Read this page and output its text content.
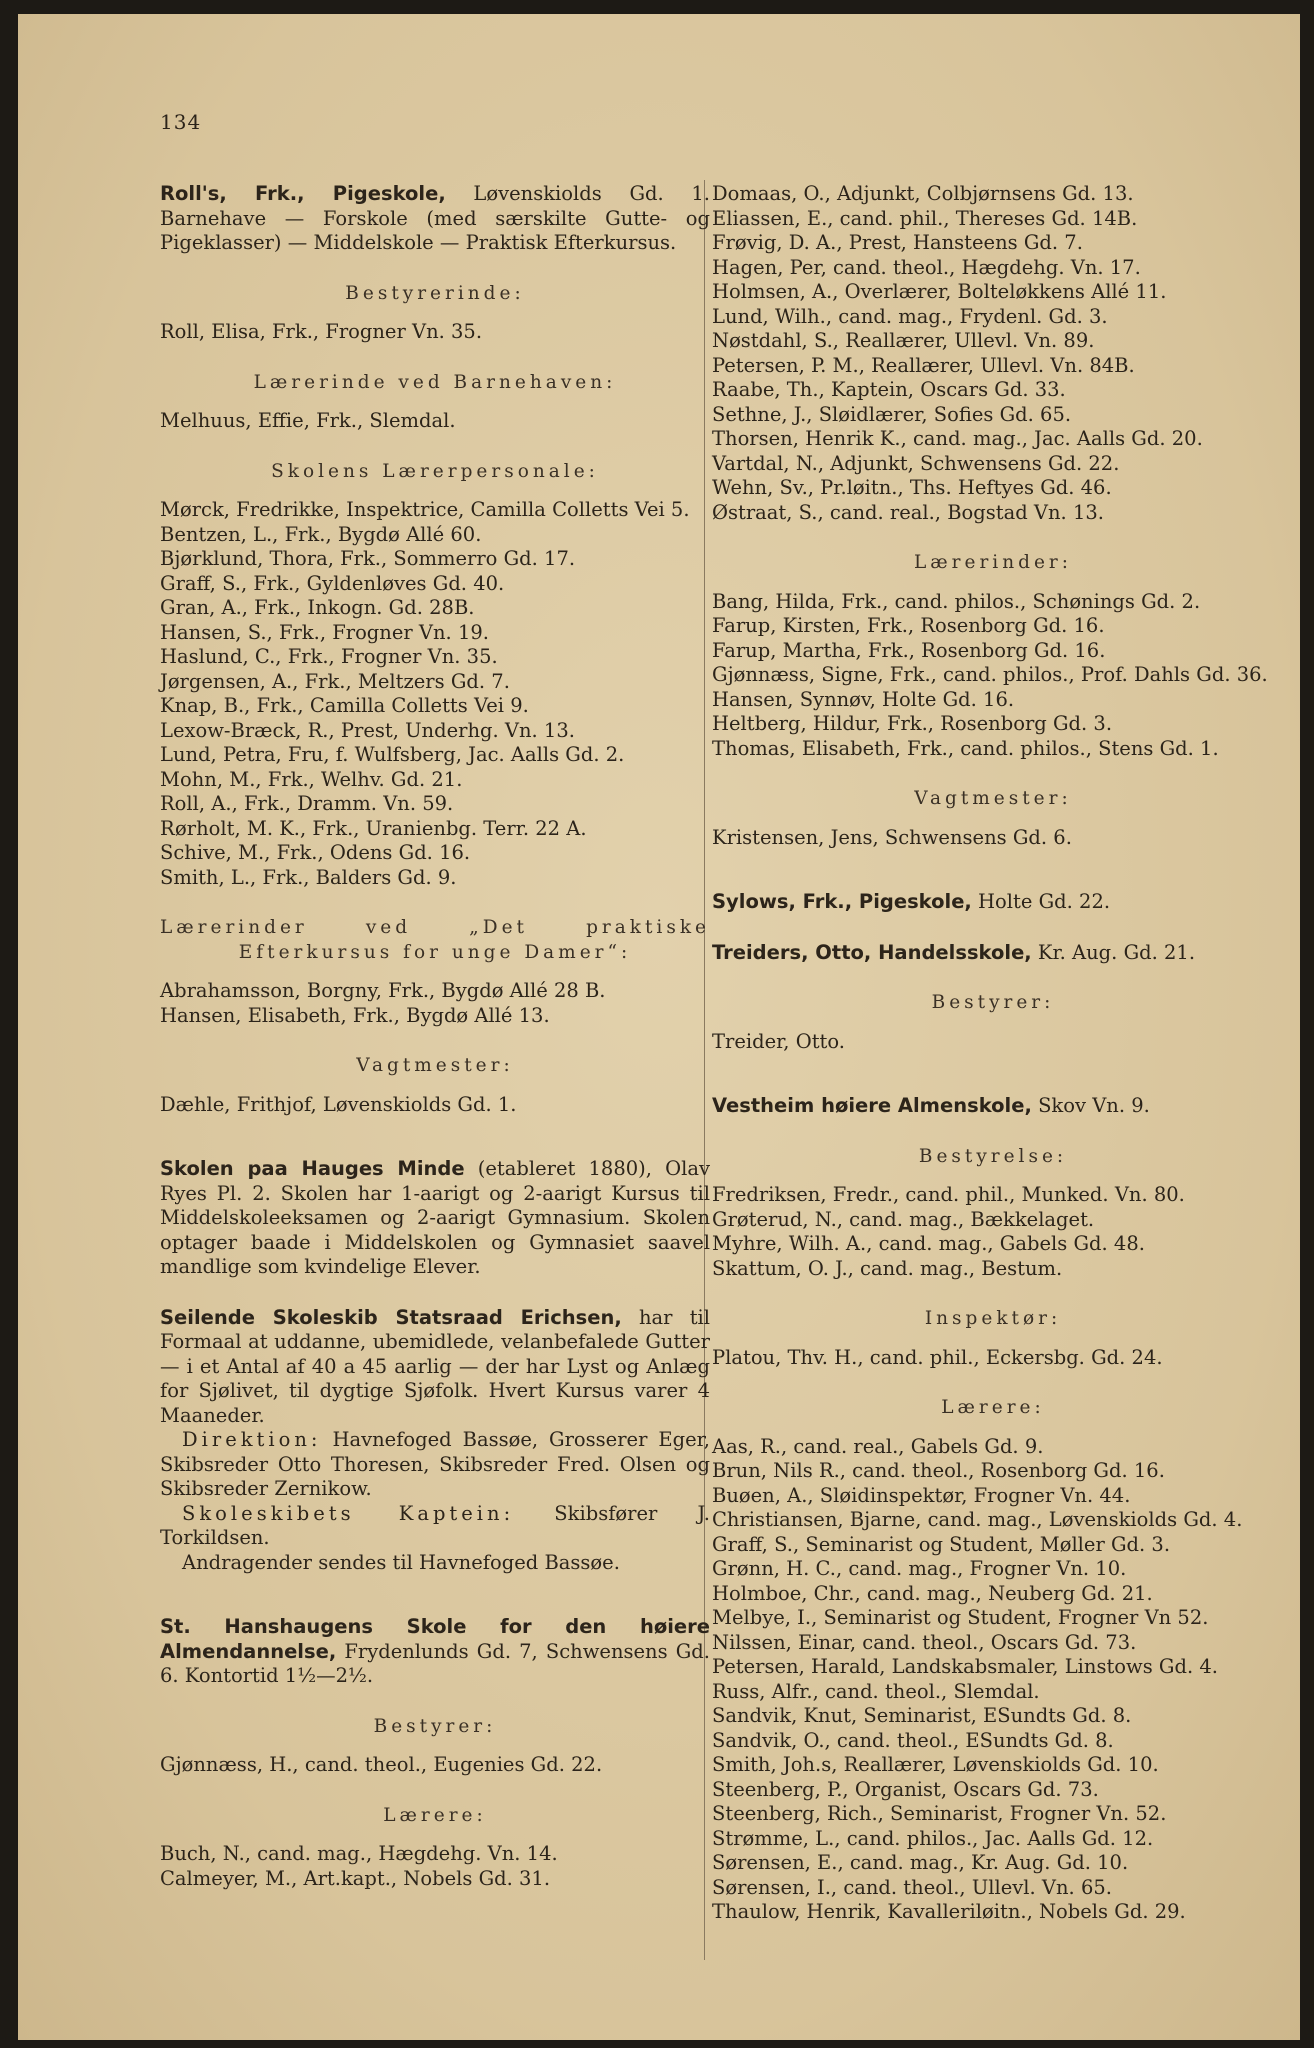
134

Roll's, Frk., Pigeskole, Løvenskiolds Gd. 1. Barnehave — Forskole (med særskilte Gutte- og Pigeklasser) — Middelskole — Praktisk Efterkursus.

Bestyrerinde:

Roll, Elisa, Frk., Frogner Vn. 35.

Lærerinde ved Barnehaven:

Melhuus, Effie, Frk., Slemdal.

Skolens Lærerpersonale:

Mørck, Fredrikke, Inspektrice, Camilla Colletts Vei 5.

Bentzen, L., Frk., Bygdø Allé 60.

Bjørklund, Thora, Frk., Sommerro Gd. 17.

Graff, S., Frk., Gyldenløves Gd. 40.

Gran, A., Frk., Inkogn. Gd. 28B.

Hansen, S., Frk., Frogner Vn. 19.

Haslund, C., Frk., Frogner Vn. 35.

Jørgensen, A., Frk., Meltzers Gd. 7.

Knap, B., Frk., Camilla Colletts Vei 9.

Lexow-Bræck, R., Prest, Underhg. Vn. 13.

Lund, Petra, Fru, f. Wulfsberg, Jac. Aalls Gd. 2.

Mohn, M., Frk., Welhv. Gd. 21.

Roll, A., Frk., Dramm. Vn. 59.

Rørholt, M. K., Frk., Uranienbg. Terr. 22 A.

Schive, M., Frk., Odens Gd. 16.

Smith, L., Frk., Balders Gd. 9.

Lærerinder ved „Det praktiske Efterkursus for unge Damer“:

Abrahamsson, Borgny, Frk., Bygdø Allé 28 B.

Hansen, Elisabeth, Frk., Bygdø Allé 13.

Vagtmester:

Dæhle, Frithjof, Løvenskiolds Gd. 1.

Skolen paa Hauges Minde (etableret 1880), Olav Ryes Pl. 2. Skolen har 1-aarigt og 2-aarigt Kursus til Middelskoleeksamen og 2-aarigt Gymnasium. Skolen optager baade i Middelskolen og Gymnasiet saavel mandlige som kvindelige Elever.

Seilende Skoleskib Statsraad Erichsen, har til Formaal at uddanne, ubemidlede, velanbefalede Gutter — i et Antal af 40 a 45 aarlig — der har Lyst og Anlæg for Sjølivet, til dygtige Sjøfolk. Hvert Kursus varer 4 Maaneder.

Direktion: Havnefoged Bassøe, Grosserer Eger, Skibsreder Otto Thoresen, Skibsreder Fred. Olsen og Skibsreder Zernikow.

Skoleskibets Kaptein: Skibsfører J. Torkildsen.

Andragender sendes til Havnefoged Bassøe.

St. Hanshaugens Skole for den høiere Almendannelse, Frydenlunds Gd. 7, Schwensens Gd. 6. Kontortid 1½—2½.

Bestyrer:

Gjønnæss, H., cand. theol., Eugenies Gd. 22.

Lærere:

Buch, N., cand. mag., Hægdehg. Vn. 14.

Calmeyer, M., Art.kapt., Nobels Gd. 31.

Domaas, O., Adjunkt, Colbjørnsens Gd. 13.

Eliassen, E., cand. phil., Thereses Gd. 14B.

Frøvig, D. A., Prest, Hansteens Gd. 7.

Hagen, Per, cand. theol., Hægdehg. Vn. 17.

Holmsen, A., Overlærer, Bolteløkkens Allé 11.

Lund, Wilh., cand. mag., Frydenl. Gd. 3.

Nøstdahl, S., Reallærer, Ullevl. Vn. 89.

Petersen, P. M., Reallærer, Ullevl. Vn. 84B.

Raabe, Th., Kaptein, Oscars Gd. 33.

Sethne, J., Sløidlærer, Sofies Gd. 65.

Thorsen, Henrik K., cand. mag., Jac. Aalls Gd. 20.

Vartdal, N., Adjunkt, Schwensens Gd. 22.

Wehn, Sv., Pr.løitn., Ths. Heftyes Gd. 46.

Østraat, S., cand. real., Bogstad Vn. 13.

Lærerinder:

Bang, Hilda, Frk., cand. philos., Schønings Gd. 2.

Farup, Kirsten, Frk., Rosenborg Gd. 16.

Farup, Martha, Frk., Rosenborg Gd. 16.

Gjønnæss, Signe, Frk., cand. philos., Prof. Dahls Gd. 36.

Hansen, Synnøv, Holte Gd. 16.

Heltberg, Hildur, Frk., Rosenborg Gd. 3.

Thomas, Elisabeth, Frk., cand. philos., Stens Gd. 1.

Vagtmester:

Kristensen, Jens, Schwensens Gd. 6.

Sylows, Frk., Pigeskole, Holte Gd. 22.

Treiders, Otto, Handelsskole, Kr. Aug. Gd. 21.

Bestyrer:

Treider, Otto.

Vestheim høiere Almenskole, Skov Vn. 9.

Bestyrelse:

Fredriksen, Fredr., cand. phil., Munked. Vn. 80.

Grøterud, N., cand. mag., Bækkelaget.

Myhre, Wilh. A., cand. mag., Gabels Gd. 48.

Skattum, O. J., cand. mag., Bestum.

Inspektør:

Platou, Thv. H., cand. phil., Eckersbg. Gd. 24.

Lærere:

Aas, R., cand. real., Gabels Gd. 9.

Brun, Nils R., cand. theol., Rosenborg Gd. 16.

Buøen, A., Sløidinspektør, Frogner Vn. 44.

Christiansen, Bjarne, cand. mag., Løvenskiolds Gd. 4.

Graff, S., Seminarist og Student, Møller Gd. 3.

Grønn, H. C., cand. mag., Frogner Vn. 10.

Holmboe, Chr., cand. mag., Neuberg Gd. 21.

Melbye, I., Seminarist og Student, Frogner Vn 52.

Nilssen, Einar, cand. theol., Oscars Gd. 73.

Petersen, Harald, Landskabsmaler, Linstows Gd. 4.

Russ, Alfr., cand. theol., Slemdal.

Sandvik, Knut, Seminarist, ESundts Gd. 8.

Sandvik, O., cand. theol., ESundts Gd. 8.

Smith, Joh.s, Reallærer, Løvenskiolds Gd. 10.

Steenberg, P., Organist, Oscars Gd. 73.

Steenberg, Rich., Seminarist, Frogner Vn. 52.

Strømme, L., cand. philos., Jac. Aalls Gd. 12.

Sørensen, E., cand. mag., Kr. Aug. Gd. 10.

Sørensen, I., cand. theol., Ullevl. Vn. 65.

Thaulow, Henrik, Kavalleriløitn., Nobels Gd. 29.
